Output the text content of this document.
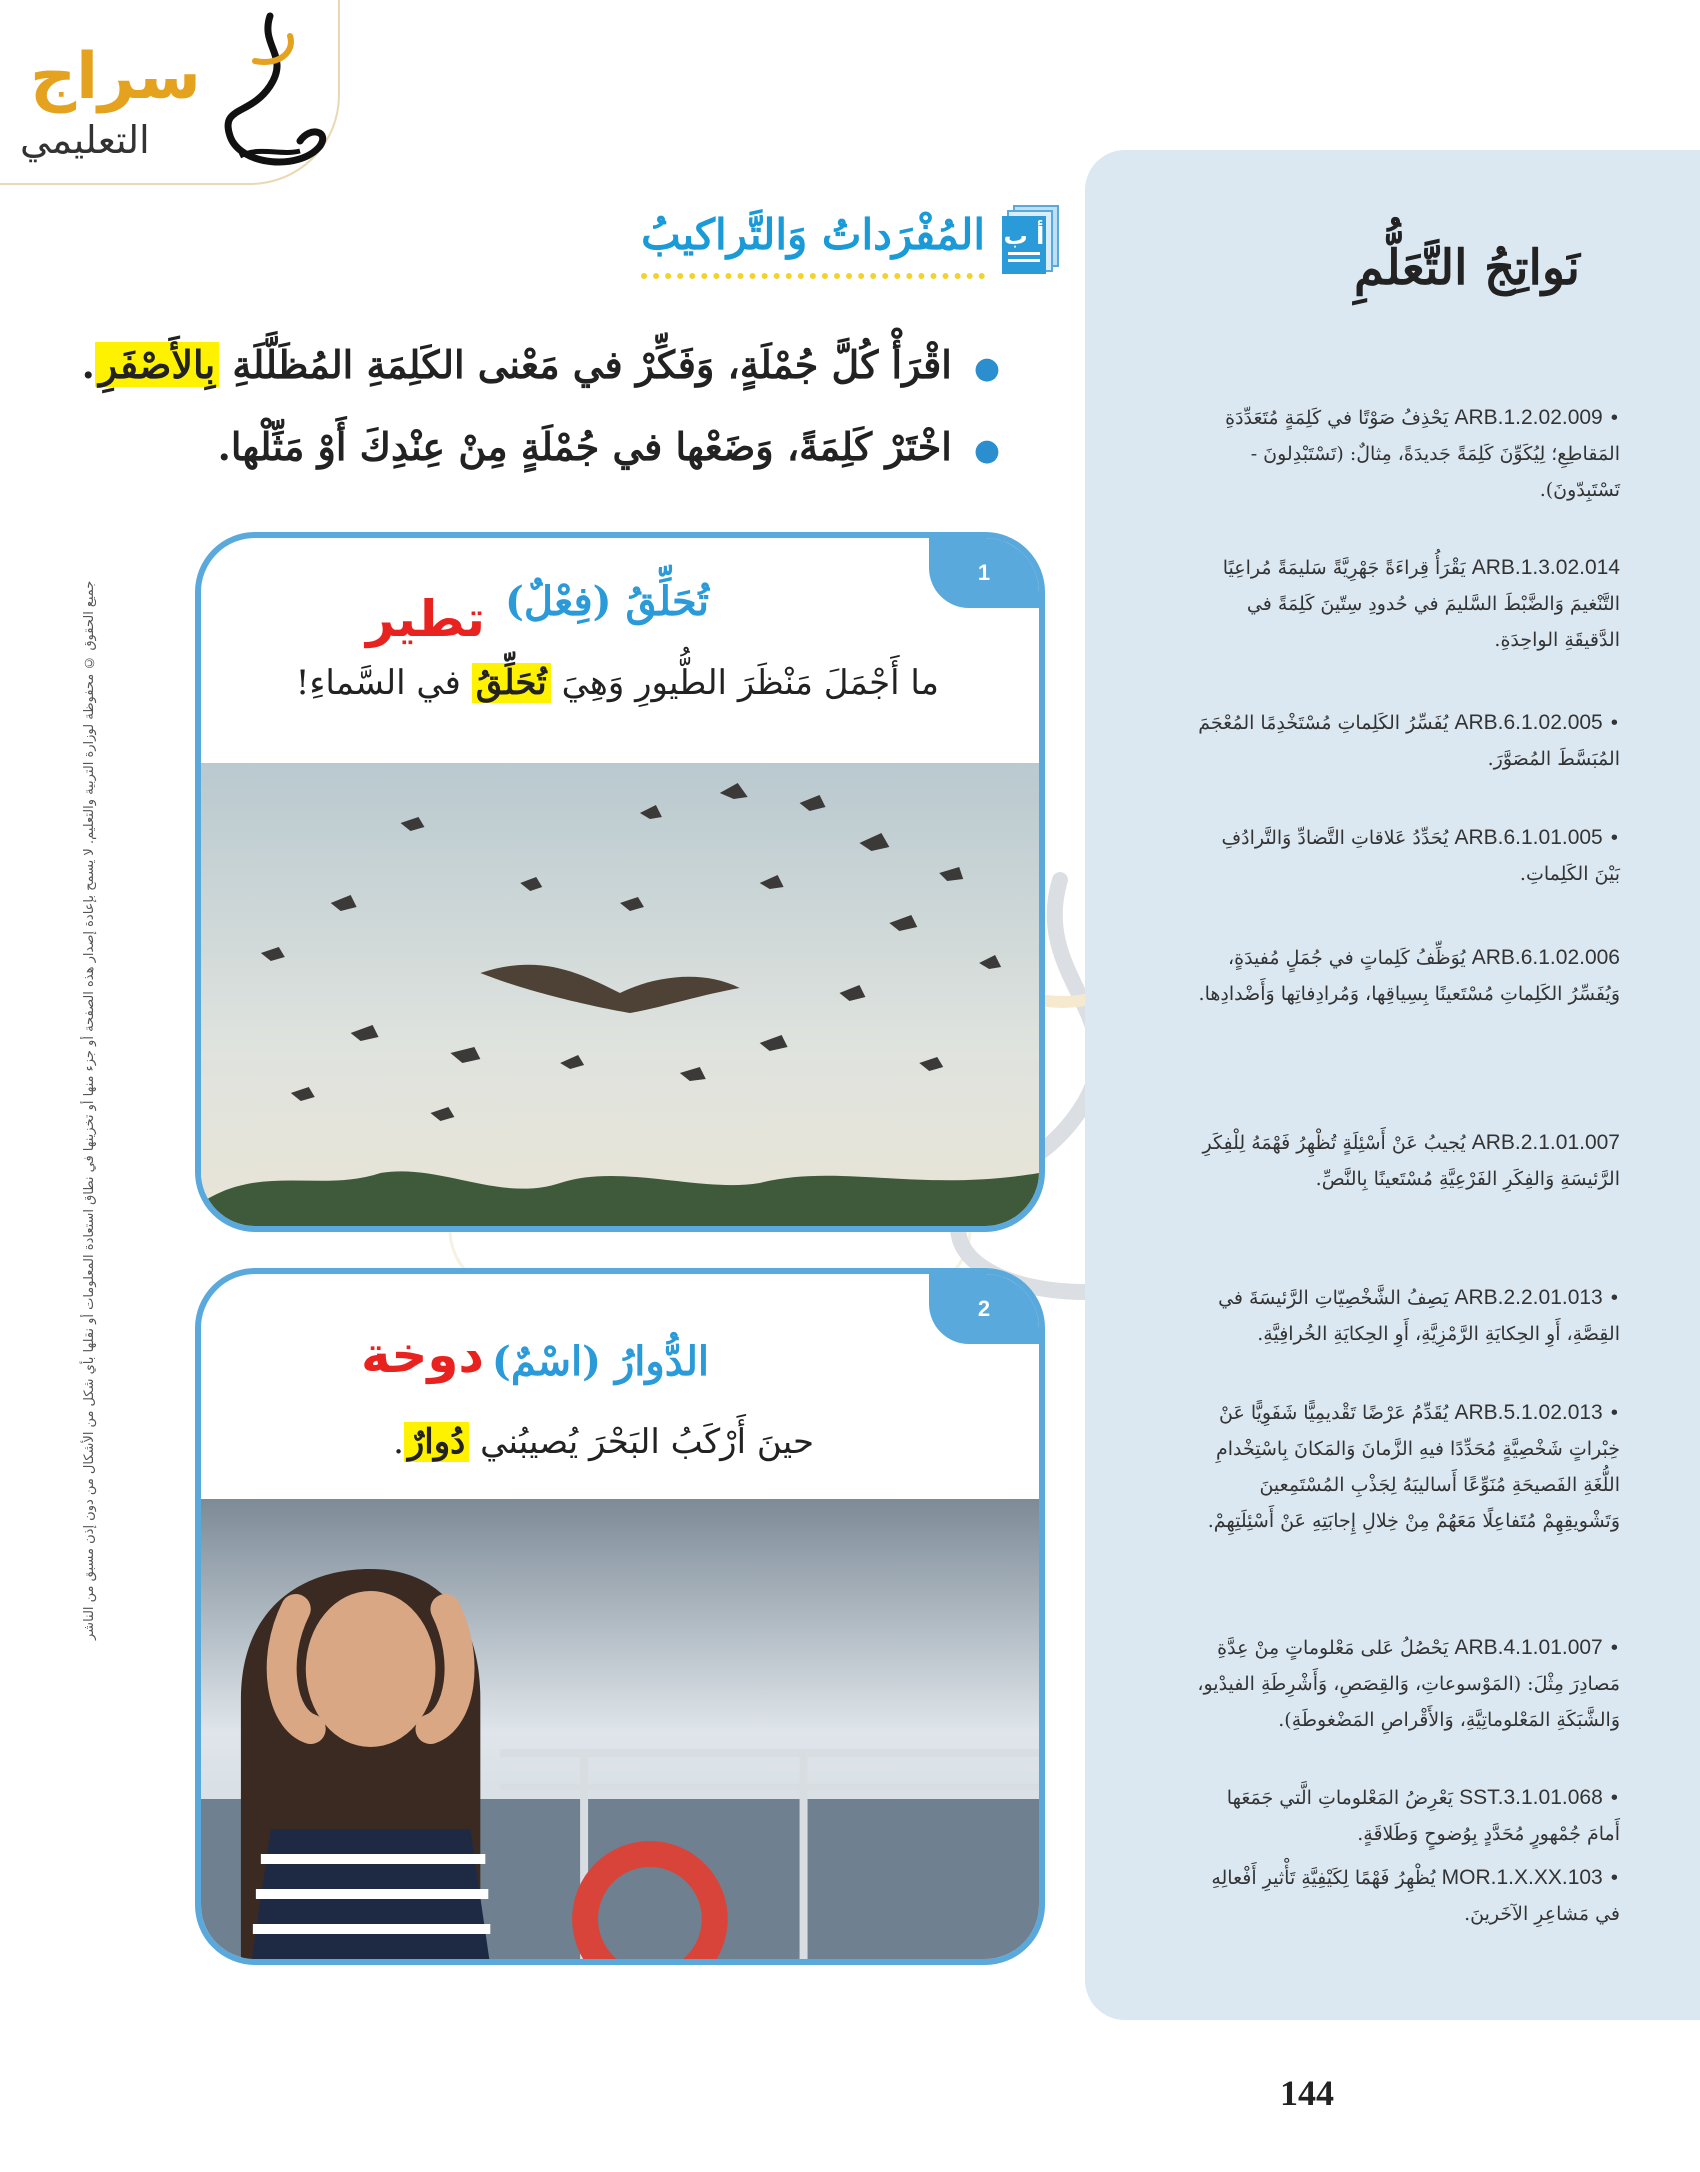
سراج
التعليمي
جميع الحقوق © محفوظة لوزارة التربية والتعليم. لا يسمح بإعادة إصدار هذه الصفحة أو جزء منها أو تخزينها في نطاق استعادة المعلومات أو نقلها بأي شكل من الأشكال من دون إذن مسبق من الناشر
أ ب
المُفْرَداتُ وَالتَّراكيبُ
●اقْرَأْ كُلَّ جُمْلَةٍ، وَفَكِّرْ في مَعْنى الكَلِمَةِ المُظَلَّلَةِ بِالأَصْفَرِ.
●اخْتَرْ كَلِمَةً، وَضَعْها في جُمْلَةٍ مِنْ عِنْدِكَ أَوْ مَثِّلْها.
1
تُحَلِّقُ (فِعْلٌ)
تطير
ما أَجْمَلَ مَنْظَرَ الطُّيورِ وَهِيَ تُحَلِّقُ في السَّماءِ!
2
الدُّوارُ (اسْمٌ)
دوخة
حينَ أَرْكَبُ البَحْرَ يُصيبُني دُوارٌ.
نَواتِجُ التَّعَلُّمِ
• ARB.1.2.02.009 يَحْذِفُ صَوْتًا في كَلِمَةٍ مُتَعَدِّدَةِ المَقاطِعِ؛ لِيُكَوِّنَ كَلِمَةً جَديدَةً، مِثالٌ: (تَسْتَبْدِلونَ - تَسْتَبِدّونَ).
ARB.1.3.02.014 يَقْرَأُ قِراءَةً جَهْرِيَّةً سَليمَةً مُراعِيًا التَّنْغيمَ وَالضَّبْطَ السَّليمَ في حُدودِ سِتّينَ كَلِمَةً في الدَّقيقَةِ الواحِدَةِ.
• ARB.6.1.02.005 يُفَسِّرُ الكَلِماتِ مُسْتَخْدِمًا المُعْجَمَ المُبَسَّطَ المُصَوَّرَ.
• ARB.6.1.01.005 يُحَدِّدُ عَلاقاتِ التَّضادِّ وَالتَّرادُفِ بَيْنَ الكَلِماتِ.
ARB.6.1.02.006 يُوَظِّفُ كَلِماتٍ في جُمَلٍ مُفيدَةٍ، وَيُفَسِّرُ الكَلِماتِ مُسْتَعينًا بِسِياقِها، وَمُرادِفاتِها وَأَضْدادِها.
ARB.2.1.01.007 يُجيبُ عَنْ أَسْئِلَةٍ تُظْهِرُ فَهْمَهُ لِلْفِكَرِ الرَّئيسَةِ وَالفِكَرِ الفَرْعِيَّةِ مُسْتَعينًا بِالنَّصِّ.
• ARB.2.2.01.013 يَصِفُ الشَّخْصِيّاتِ الرَّئيسَةَ في القِصَّةِ، أَوِ الحِكايَةِ الرَّمْزِيَّةِ، أَوِ الحِكايَةِ الخُرافِيَّةِ.
• ARB.5.1.02.013 يُقَدِّمُ عَرْضًا تَقْديمِيًّا شَفَوِيًّا عَنْ خِبْراتٍ شَخْصِيَّةٍ مُحَدِّدًا فيهِ الزَّمانَ وَالمَكانَ بِاسْتِخْدامِ اللُّغَةِ الفَصيحَةِ مُنَوِّعًا أَساليبَهُ لِجَذْبِ المُسْتَمِعينَ وَتَشْويقِهِمْ مُتَفاعِلًا مَعَهُمْ مِنْ خِلالِ إِجابَتِهِ عَنْ أَسْئِلَتِهِمْ.
• ARB.4.1.01.007 يَحْصُلُ عَلى مَعْلوماتٍ مِنْ عِدَّةِ مَصادِرَ مِثْلَ: (المَوْسوعاتِ، وَالقِصَصِ، وَأَشْرِطَةِ الفيدْيو، وَالشَّبَكَةِ المَعْلوماتِيَّةِ، وَالأَقْراصِ المَضْغوطَةِ).
• SST.3.1.01.068 يَعْرِضُ المَعْلوماتِ الَّتي جَمَعَها أَمامَ جُمْهورٍ مُحَدَّدٍ بِوُضوحٍ وَطَلاقَةٍ.
• MOR.1.X.XX.103 يُظْهِرُ فَهْمًا لِكَيْفِيَّةِ تَأْثيرِ أَفْعالِهِ في مَشاعِرِ الآخَرينَ.
144
